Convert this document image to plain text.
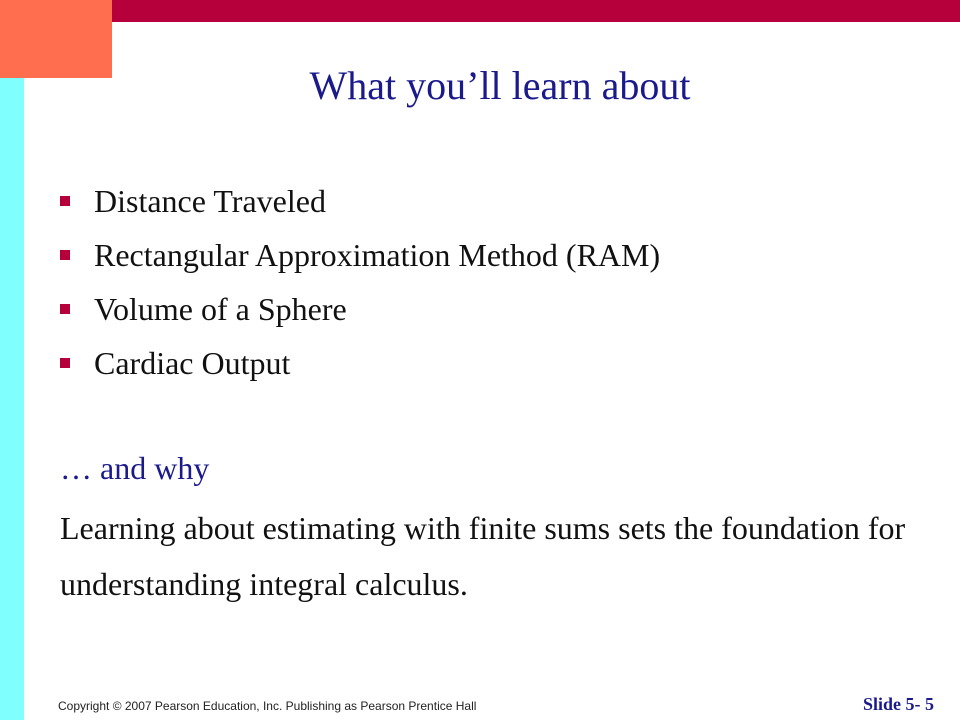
What you’ll learn about
Distance Traveled
Rectangular Approximation Method (RAM)
Volume of a Sphere
Cardiac Output
… and why

Learning about estimating with finite sums sets the foundation for understanding integral calculus.

Copyright © 2007 Pearson Education, Inc. Publishing as Pearson Prentice Hall	Slide 5- 5
